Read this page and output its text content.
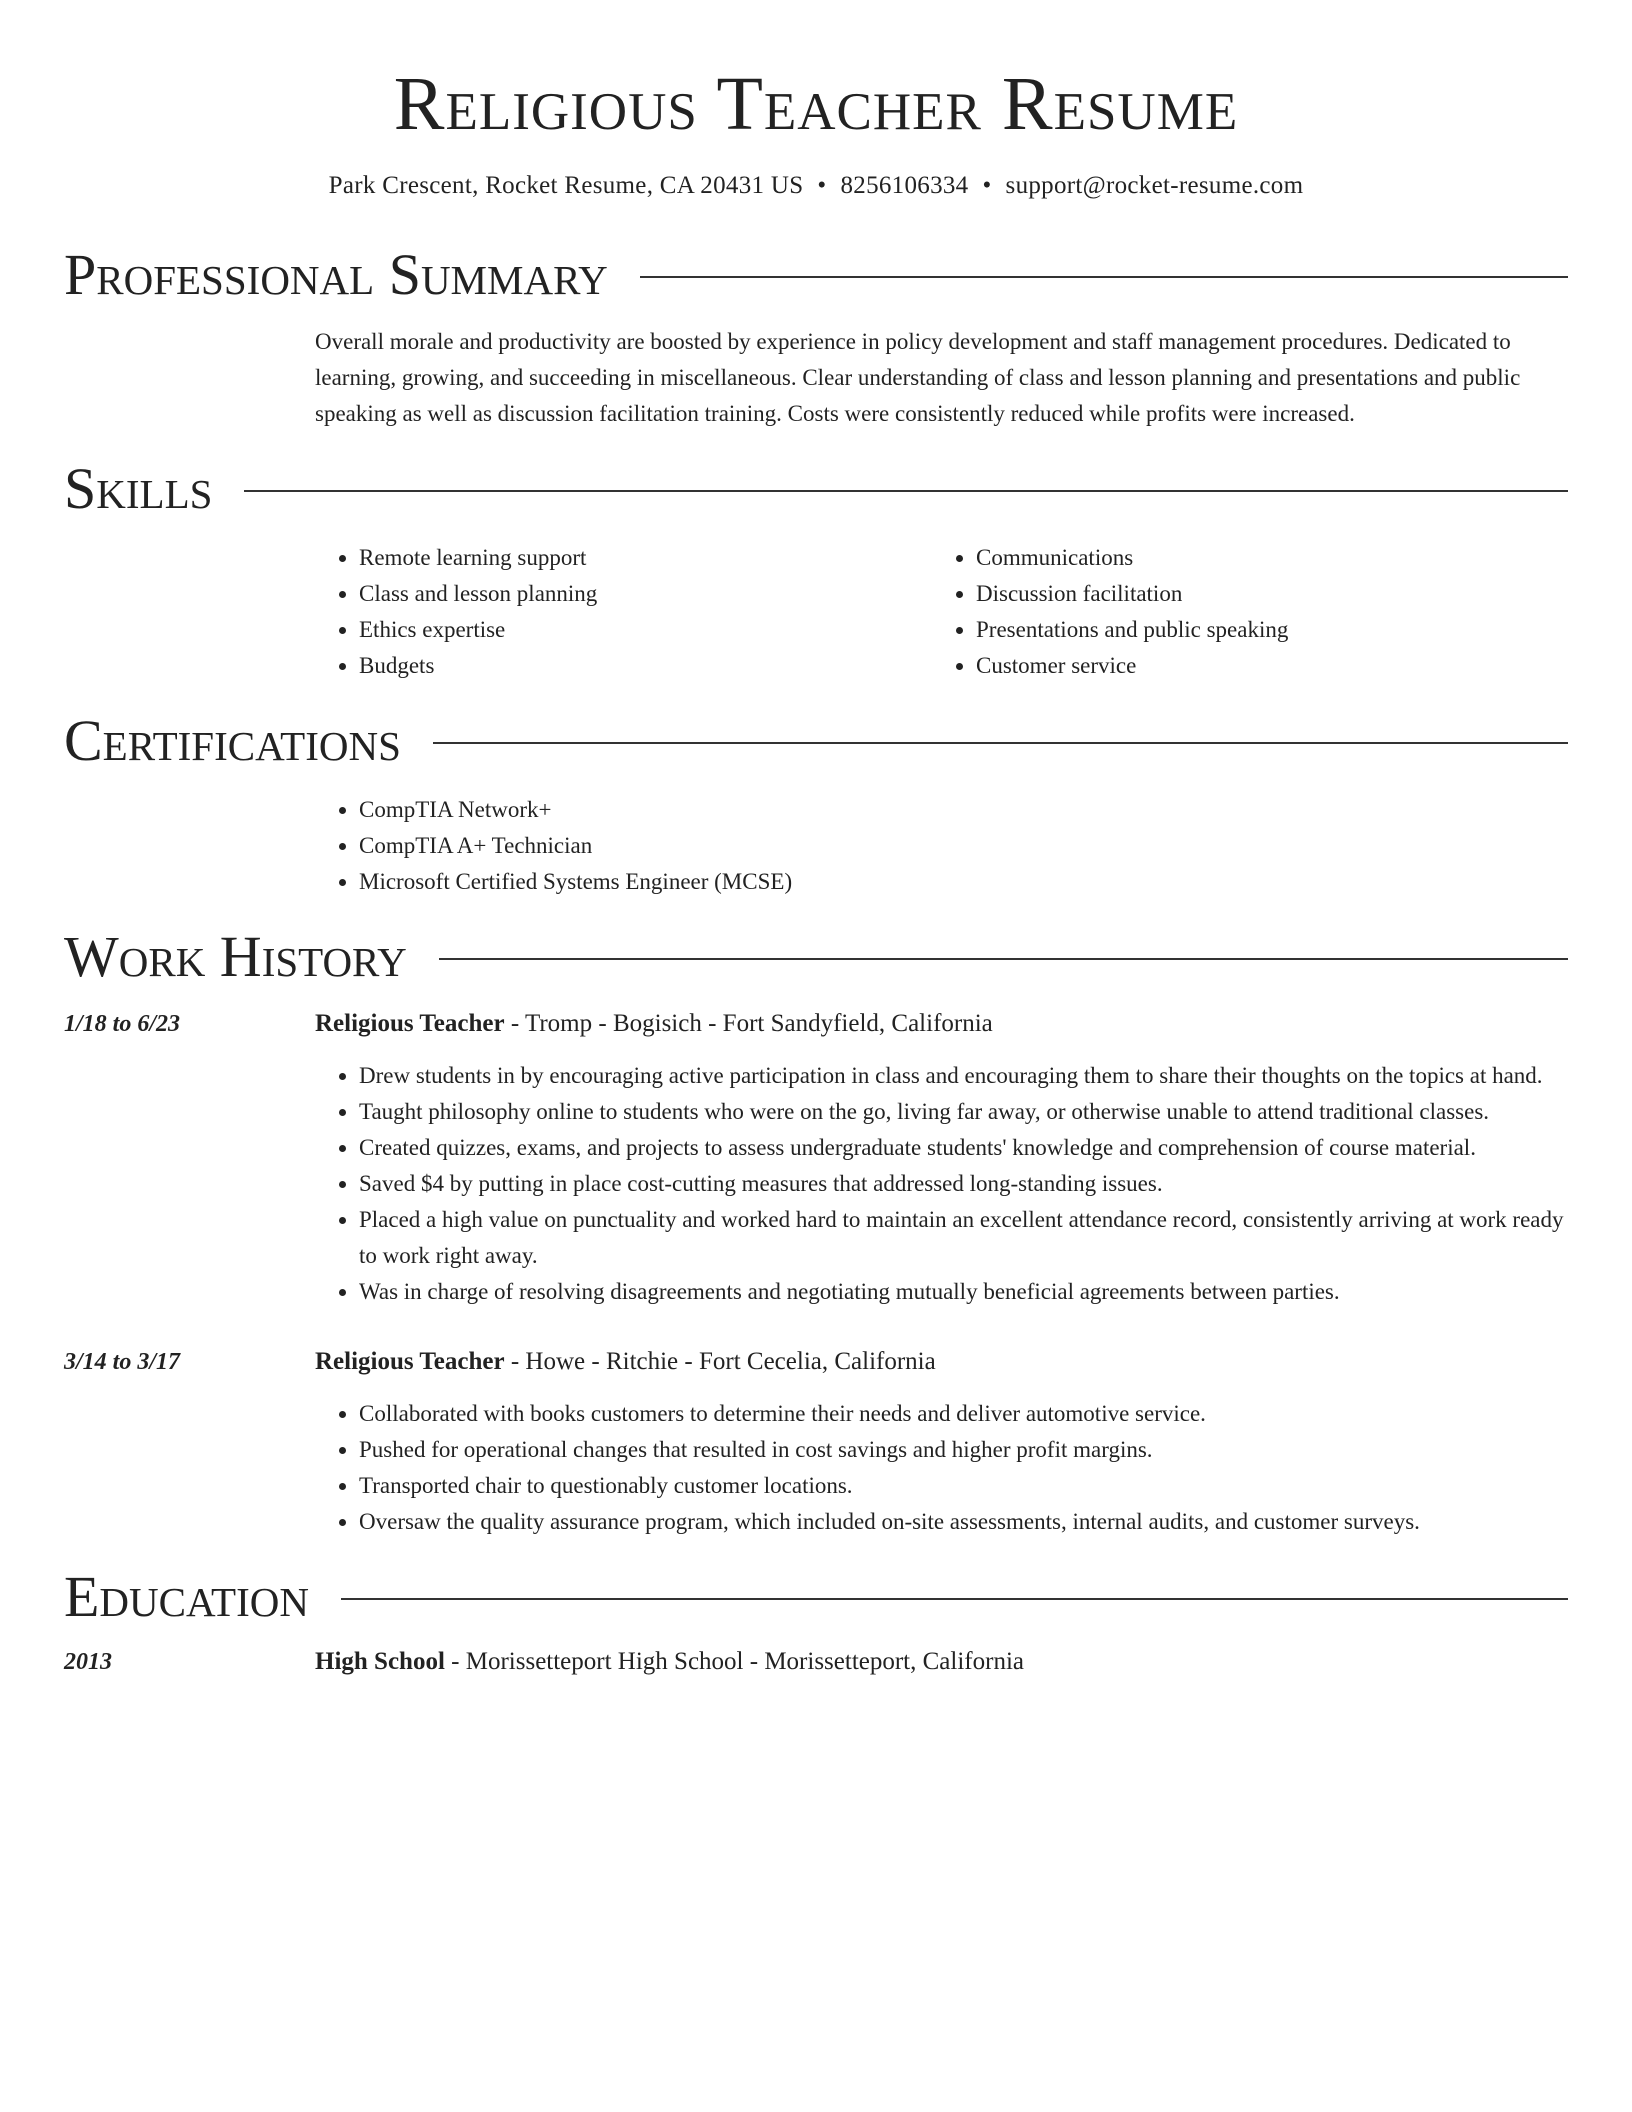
Religious Teacher Resume
Park Crescent, Rocket Resume, CA 20431 US • 8256106334 • support@rocket-resume.com
Professional Summary
Overall morale and productivity are boosted by experience in policy development and staff management procedures. Dedicated to learning, growing, and succeeding in miscellaneous. Clear understanding of class and lesson planning and presentations and public speaking as well as discussion facilitation training. Costs were consistently reduced while profits were increased.
Skills
• Remote learning support
• Class and lesson planning
• Ethics expertise
• Budgets
• Communications
• Discussion facilitation
• Presentations and public speaking
• Customer service
Certifications
• CompTIA Network+
• CompTIA A+ Technician
• Microsoft Certified Systems Engineer (MCSE)
Work History
1/18 to 6/23	Religious Teacher - Tromp - Bogisich - Fort Sandyfield, California
• Drew students in by encouraging active participation in class and encouraging them to share their thoughts on the topics at hand.
• Taught philosophy online to students who were on the go, living far away, or otherwise unable to attend traditional classes.
• Created quizzes, exams, and projects to assess undergraduate students' knowledge and comprehension of course material.
• Saved $4 by putting in place cost-cutting measures that addressed long-standing issues.
• Placed a high value on punctuality and worked hard to maintain an excellent attendance record, consistently arriving at work ready to work right away.
• Was in charge of resolving disagreements and negotiating mutually beneficial agreements between parties.
3/14 to 3/17	Religious Teacher - Howe - Ritchie - Fort Cecelia, California
• Collaborated with books customers to determine their needs and deliver automotive service.
• Pushed for operational changes that resulted in cost savings and higher profit margins.
• Transported chair to questionably customer locations.
• Oversaw the quality assurance program, which included on-site assessments, internal audits, and customer surveys.
Education
2013	High School - Morissetteport High School - Morissetteport, California
